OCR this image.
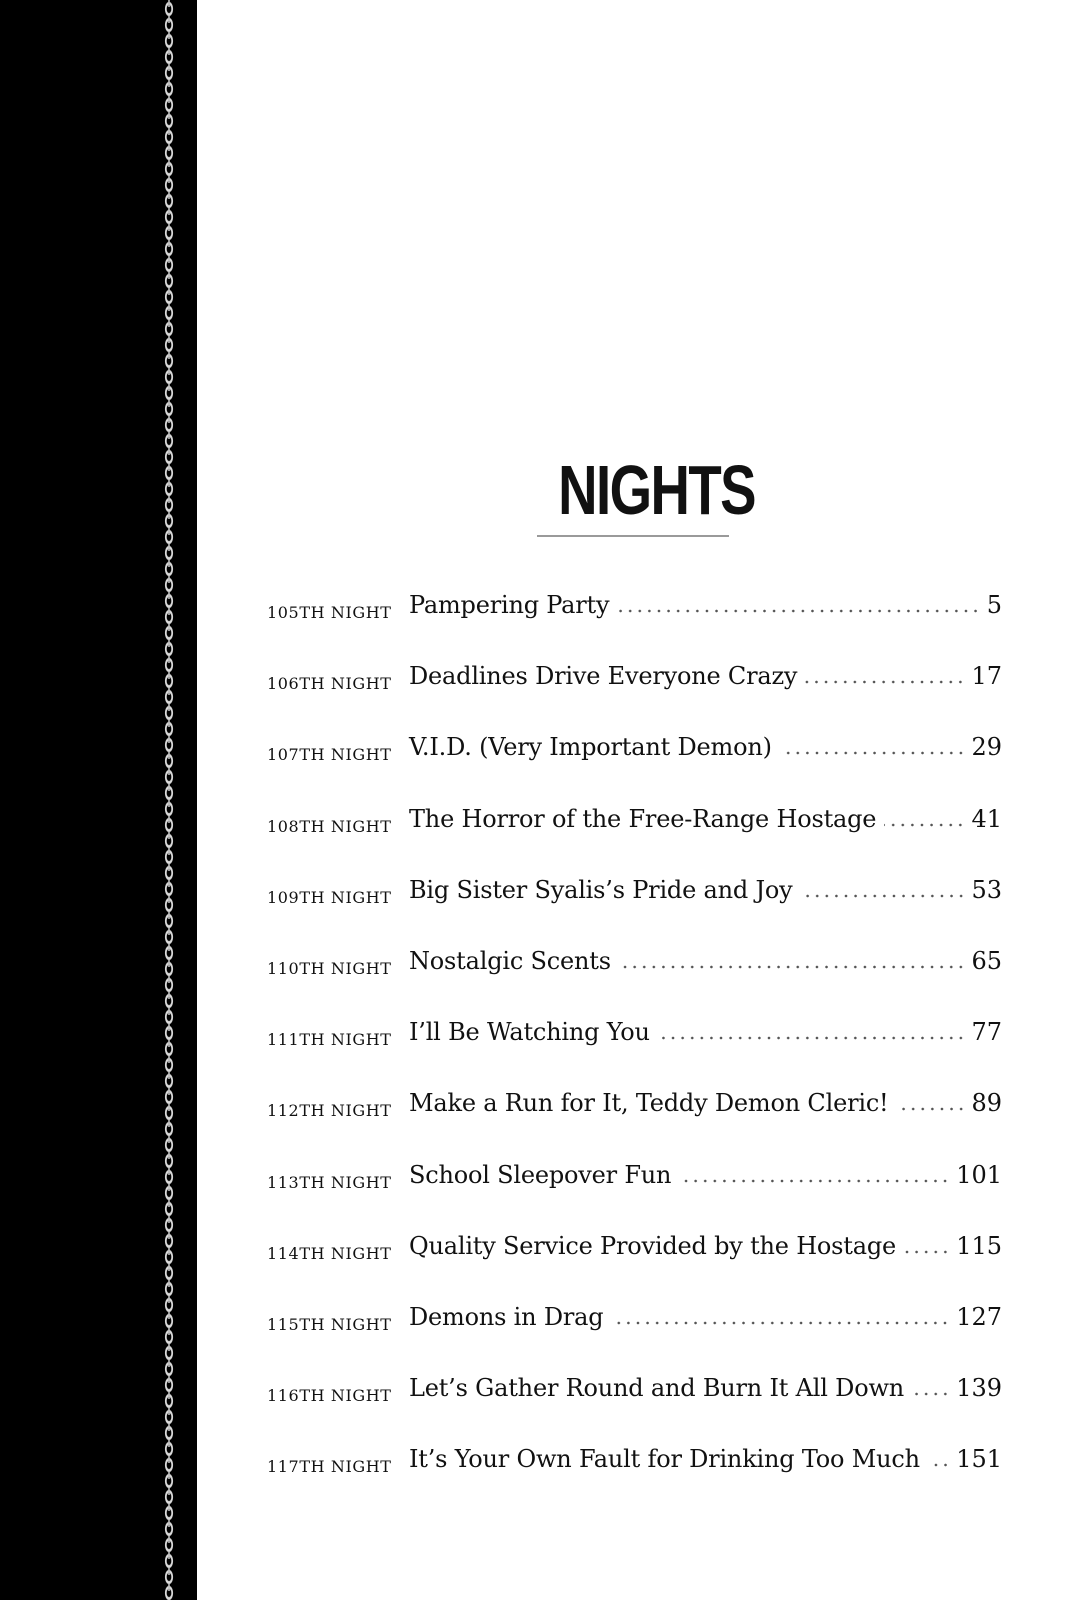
NIGHTS
105TH NIGHT Pampering Party	5
106TH NIGHT Deadlines Drive Everyone Crazy	17
107TH NIGHT V.I.D. (Very Important Demon)	29
108TH NIGHT The Horror of the Free-Range Hostage	41
109TH NIGHT Big Sister Syalis’s Pride and Joy	53
110TH NIGHT Nostalgic Scents	65
111TH NIGHT I’ll Be Watching You	77
112TH NIGHT Make a Run for It, Teddy Demon Cleric!	89
113TH NIGHT School Sleepover Fun	101
114TH NIGHT Quality Service Provided by the Hostage	115
115TH NIGHT Demons in Drag	127
116TH NIGHT Let’s Gather Round and Burn It All Down 139
117TH NIGHT It’s Your Own Fault for Drinking Too Much 151
